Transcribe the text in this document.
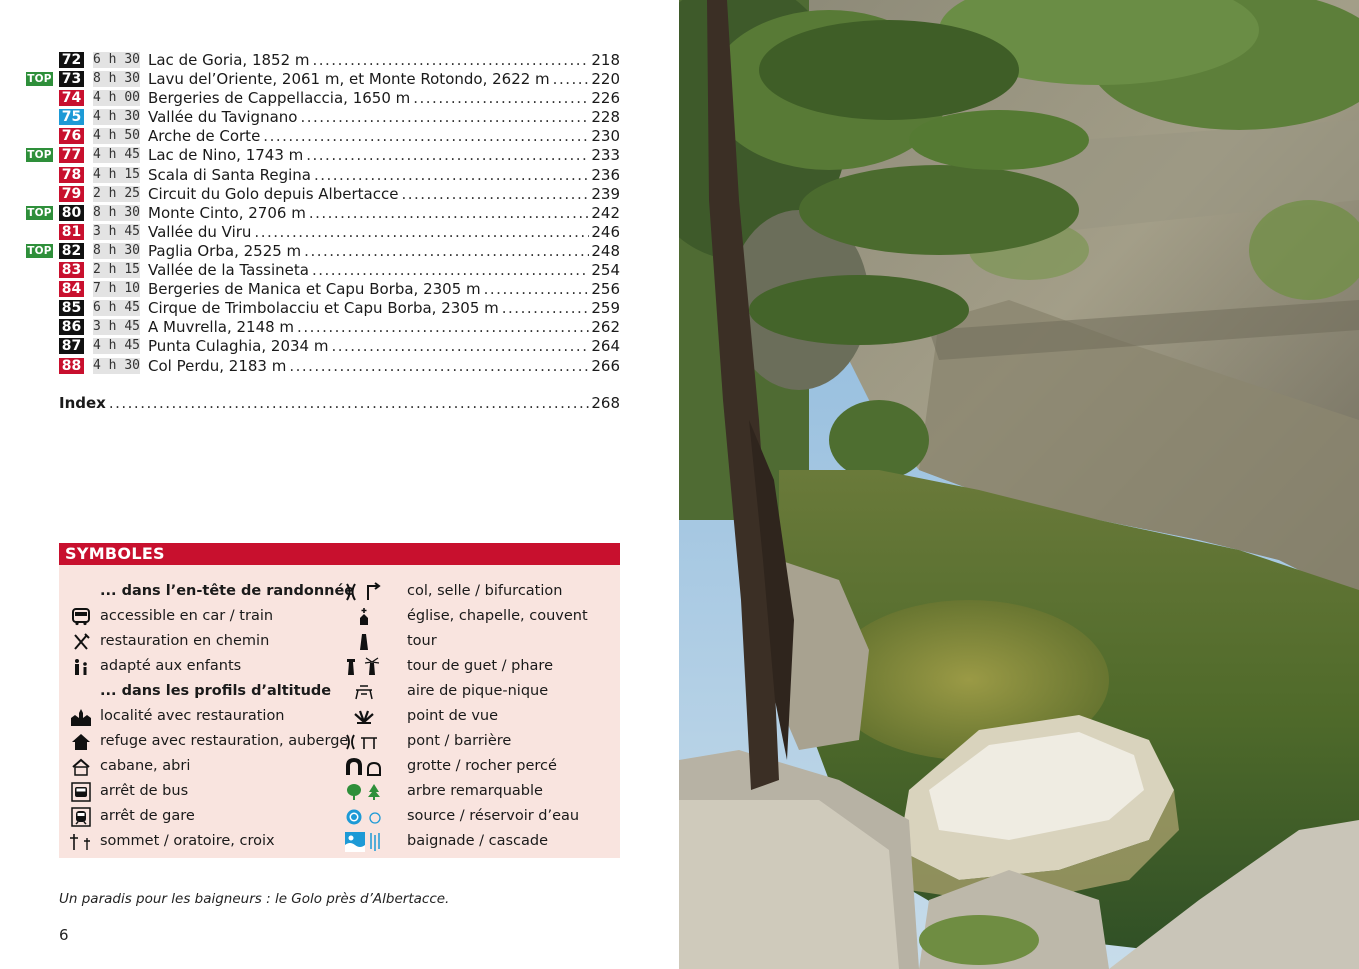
72 6 h 30 Lac de Goria, 1852 m .....	218
TOP 73 8 h 30 Lavu del’Oriente, 2061 m, et Monte Rotondo, 2622 m .....	220
74 4 h 00 Bergeries de Cappellaccia, 1650 m .....	226
75 4 h 30 Vallée du Tavignano .....	228
76 4 h 50 Arche de Corte .....	230
TOP 77 4 h 45 Lac de Nino, 1743 m .....	233
78 4 h 15 Scala di Santa Regina .....	236
79 2 h 25 Circuit du Golo depuis Albertacce .....	239
TOP 80 8 h 30 Monte Cinto, 2706 m .....	242
81 3 h 45 Vallée du Viru .....	246
TOP 82 8 h 30 Paglia Orba, 2525 m .....	248
83 2 h 15 Vallée de la Tassineta .....	254
84 7 h 10 Bergeries de Manica et Capu Borba, 2305 m .....	256
85 6 h 45 Cirque de Trimbolacciu et Capu Borba, 2305 m .....	259
86 3 h 45 A Muvrella, 2148 m .....	262
87 4 h 45 Punta Culaghia, 2034 m .....	264
88 4 h 30 Col Perdu, 2183 m .....	266
Index .....	268
SYMBOLES
... dans l’en-tête de randonnée
accessible en car / train
restauration en chemin
adapté aux enfants
... dans les profils d’altitude
localité avec restauration
refuge avec restauration, auberge
cabane, abri
arrêt de bus
arrêt de gare
sommet / oratoire, croix
col, selle / bifurcation
église, chapelle, couvent
tour
tour de guet / phare
aire de pique-nique
point de vue
pont / barrière
grotte / rocher percé
arbre remarquable
source / réservoir d’eau
baignade / cascade
Un paradis pour les baigneurs : le Golo près d’Albertacce.
6
